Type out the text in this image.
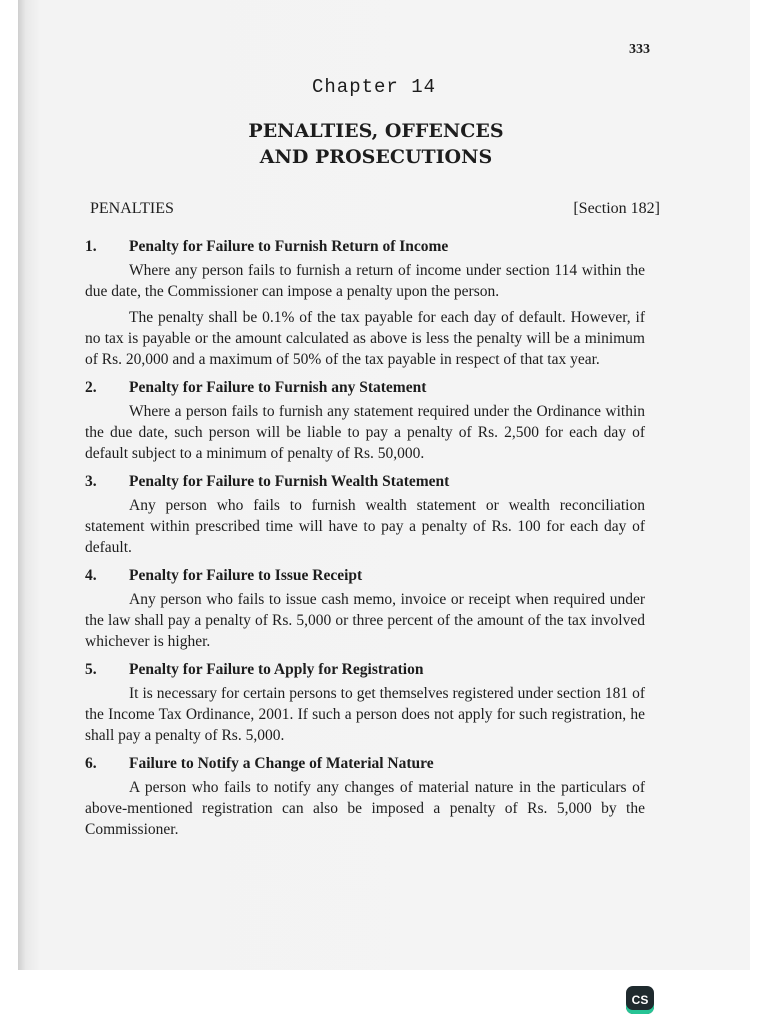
333
Chapter 14
PENALTIES, OFFENCES
AND PROSECUTIONS
PENALTIES	[Section 182]
1.	Penalty for Failure to Furnish Return of Income

Where any person fails to furnish a return of income under section 114 within the due date, the Commissioner can impose a penalty upon the person.

The penalty shall be 0.1% of the tax payable for each day of default. However, if no tax is payable or the amount calculated as above is less the penalty will be a minimum of Rs. 20,000 and a maximum of 50% of the tax payable in respect of that tax year.

2.	Penalty for Failure to Furnish any Statement

Where a person fails to furnish any statement required under the Ordinance within the due date, such person will be liable to pay a penalty of Rs. 2,500 for each day of default subject to a minimum of penalty of Rs. 50,000.

3.	Penalty for Failure to Furnish Wealth Statement

Any person who fails to furnish wealth statement or wealth reconciliation statement within prescribed time will have to pay a penalty of Rs. 100 for each day of default.

4.	Penalty for Failure to Issue Receipt

Any person who fails to issue cash memo, invoice or receipt when required under the law shall pay a penalty of Rs. 5,000 or three percent of the amount of the tax involved whichever is higher.

5.	Penalty for Failure to Apply for Registration

It is necessary for certain persons to get themselves registered under section 181 of the Income Tax Ordinance, 2001. If such a person does not apply for such registration, he shall pay a penalty of Rs. 5,000.

6.	Failure to Notify a Change of Material Nature

A person who fails to notify any changes of material nature in the particulars of above-mentioned registration can also be imposed a penalty of Rs. 5,000 by the Commissioner.

CS
